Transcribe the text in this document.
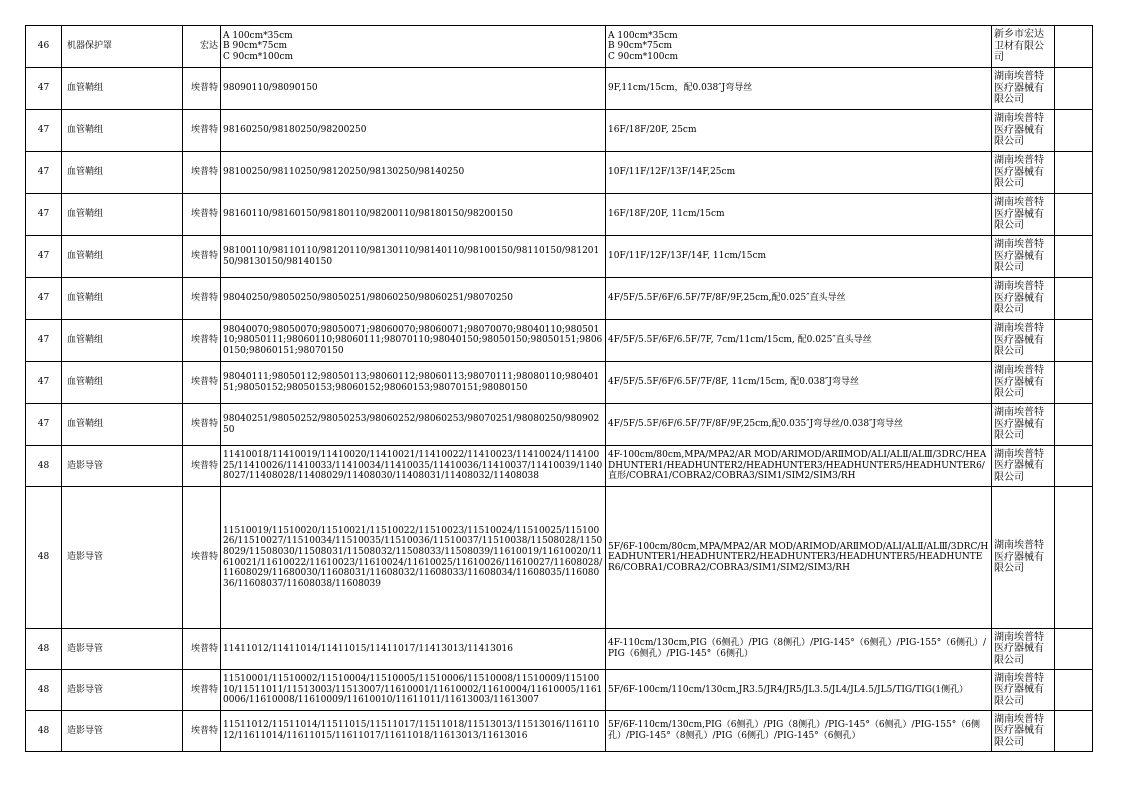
46	机器保护罩	宏达	A 100cm*35cm
B 90cm*75cm
C 90cm*100cm	A 100cm*35cm
B 90cm*75cm
C 90cm*100cm	新乡市宏达卫材有限公司	
47	血管鞘组	埃普特	98090110/98090150	9F,11cm/15cm，配0.038″J弯导丝	湖南埃普特医疗器械有限公司	
47	血管鞘组	埃普特	98160250/98180250/98200250	16F/18F/20F, 25cm	湖南埃普特医疗器械有限公司	
47	血管鞘组	埃普特	98100250/98110250/98120250/98130250/98140250	10F/11F/12F/13F/14F,25cm	湖南埃普特医疗器械有限公司	
47	血管鞘组	埃普特	98160110/98160150/98180110/98200110/98180150/98200150	16F/18F/20F, 11cm/15cm	湖南埃普特医疗器械有限公司	
47	血管鞘组	埃普特	98100110/98110110/98120110/98130110/98140110/98100150/98110150/98120150/98130150/98140150	10F/11F/12F/13F/14F, 11cm/15cm	湖南埃普特医疗器械有限公司	
47	血管鞘组	埃普特	98040250/98050250/98050251/98060250/98060251/98070250	4F/5F/5.5F/6F/6.5F/7F/8F/9F,25cm,配0.025″直头导丝	湖南埃普特医疗器械有限公司	
47	血管鞘组	埃普特	98040070;98050070;98050071;98060070;98060071;98070070;98040110;98050110;98050111;98060110;98060111;98070110;98040150;98050150;98050151;98060150;98060151;98070150	4F/5F/5.5F/6F/6.5F/7F, 7cm/11cm/15cm, 配0.025″直头导丝	湖南埃普特医疗器械有限公司	
47	血管鞘组	埃普特	98040111;98050112;98050113;98060112;98060113;98070111;98080110;98040151;98050152;98050153;98060152;98060153;98070151;98080150	4F/5F/5.5F/6F/6.5F/7F/8F, 11cm/15cm, 配0.038″J弯导丝	湖南埃普特医疗器械有限公司	
47	血管鞘组	埃普特	98040251/98050252/98050253/98060252/98060253/98070251/98080250/98090250	4F/5F/5.5F/6F/6.5F/7F/8F/9F,25cm,配0.035″J弯导丝/0.038″J弯导丝	湖南埃普特医疗器械有限公司	
48	造影导管	埃普特	11410018/11410019/11410020/11410021/11410022/11410023/11410024/11410025/11410026/11410033/11410034/11410035/11410036/11410037/11410039/11408027/11408028/11408029/11408030/11408031/11408032/11408038	4F-100cm/80cm,MPA/MPA2/AR MOD/ARⅠMOD/ARⅡMOD/ALⅠ/ALⅡ/ALⅢ/3DRC/HEADHUNTER1/HEADHUNTER2/HEADHUNTER3/HEADHUNTER5/HEADHUNTER6/直形/COBRA1/COBRA2/COBRA3/SIM1/SIM2/SIM3/RH	湖南埃普特医疗器械有限公司	
48	造影导管	埃普特	11510019/11510020/11510021/11510022/11510023/11510024/11510025/11510026/11510027/11510034/11510035/11510036/11510037/11510038/11508028/11508029/11508030/11508031/11508032/11508033/11508039/11610019/11610020/11610021/11610022/11610023/11610024/11610025/11610026/11610027/11608028/11608029/11680030/11608031/11608032/11608033/11608034/11608035/11608036/11608037/11608038/11608039	5F/6F-100cm/80cm,MPA/MPA2/AR MOD/ARⅠMOD/ARⅡMOD/ALⅠ/ALⅡ/ALⅢ/3DRC/HEADHUNTER1/HEADHUNTER2/HEADHUNTER3/HEADHUNTER5/HEADHUNTER6/COBRA1/COBRA2/COBRA3/SIM1/SIM2/SIM3/RH	湖南埃普特医疗器械有限公司	
48	造影导管	埃普特	11411012/11411014/11411015/11411017/11413013/11413016	4F-110cm/130cm,PIG（6侧孔）/PIG（8侧孔）/PIG-145°（6侧孔）/PIG-155°（6侧孔）/PIG（6侧孔）/PIG-145°（6侧孔）	湖南埃普特医疗器械有限公司	
48	造影导管	埃普特	11510001/11510002/11510004/11510005/11510006/11510008/11510009/11510010/11511011/11513003/11513007/11610001/11610002/11610004/11610005/11610006/11610008/11610009/11610010/11611011/11613003/11613007	5F/6F-100cm/110cm/130cm,JR3.5/JR4/JR5/JL3.5/JL4/JL4.5/JL5/TIG/TIG(1侧孔）	湖南埃普特医疗器械有限公司	
48	造影导管	埃普特	11511012/11511014/11511015/11511017/11511018/11513013/11513016/11611012/11611014/11611015/11611017/11611018/11613013/11613016	5F/6F-110cm/130cm,PIG（6侧孔）/PIG（8侧孔）/PIG-145°（6侧孔）/PIG-155°（6侧孔）/PIG-145°（8侧孔）/PIG（6侧孔）/PIG-145°（6侧孔）	湖南埃普特医疗器械有限公司	
